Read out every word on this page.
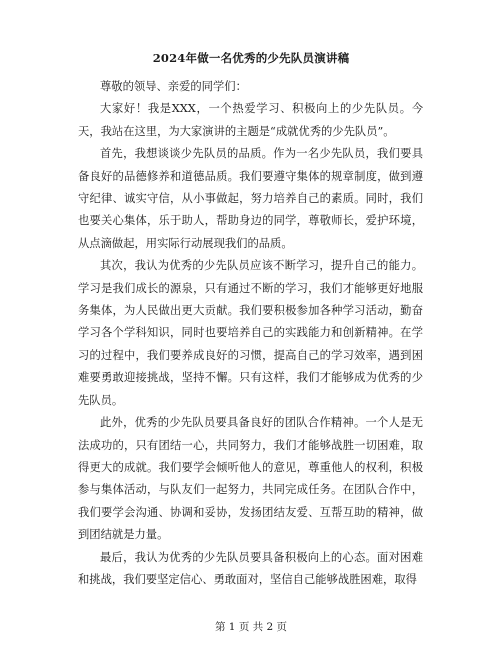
2024年做一名优秀的少先队员演讲稿

尊敬的领导、亲爱的同学们：

大家好！我是XXX，一个热爱学习、积极向上的少先队员。今天，我站在这里，为大家演讲的主题是“成就优秀的少先队员”。

首先，我想谈谈少先队员的品质。作为一名少先队员，我们要具备良好的品德修养和道德品质。我们要遵守集体的规章制度，做到遵守纪律、诚实守信，从小事做起，努力培养自己的素质。同时，我们也要关心集体，乐于助人，帮助身边的同学，尊敬师长，爱护环境，从点滴做起，用实际行动展现我们的品质。

其次，我认为优秀的少先队员应该不断学习，提升自己的能力。学习是我们成长的源泉，只有通过不断的学习，我们才能够更好地服务集体，为人民做出更大贡献。我们要积极参加各种学习活动，勤奋学习各个学科知识，同时也要培养自己的实践能力和创新精神。在学习的过程中，我们要养成良好的习惯，提高自己的学习效率，遇到困难要勇敢迎接挑战，坚持不懈。只有这样，我们才能够成为优秀的少先队员。

此外，优秀的少先队员要具备良好的团队合作精神。一个人是无法成功的，只有团结一心，共同努力，我们才能够战胜一切困难，取得更大的成就。我们要学会倾听他人的意见，尊重他人的权利，积极参与集体活动，与队友们一起努力，共同完成任务。在团队合作中，我们要学会沟通、协调和妥协，发扬团结友爱、互帮互助的精神，做到团结就是力量。

最后，我认为优秀的少先队员要具备积极向上的心态。面对困难和挑战，我们要坚定信心、勇敢面对，坚信自己能够战胜困难，取得

第 1 页 共 2 页
